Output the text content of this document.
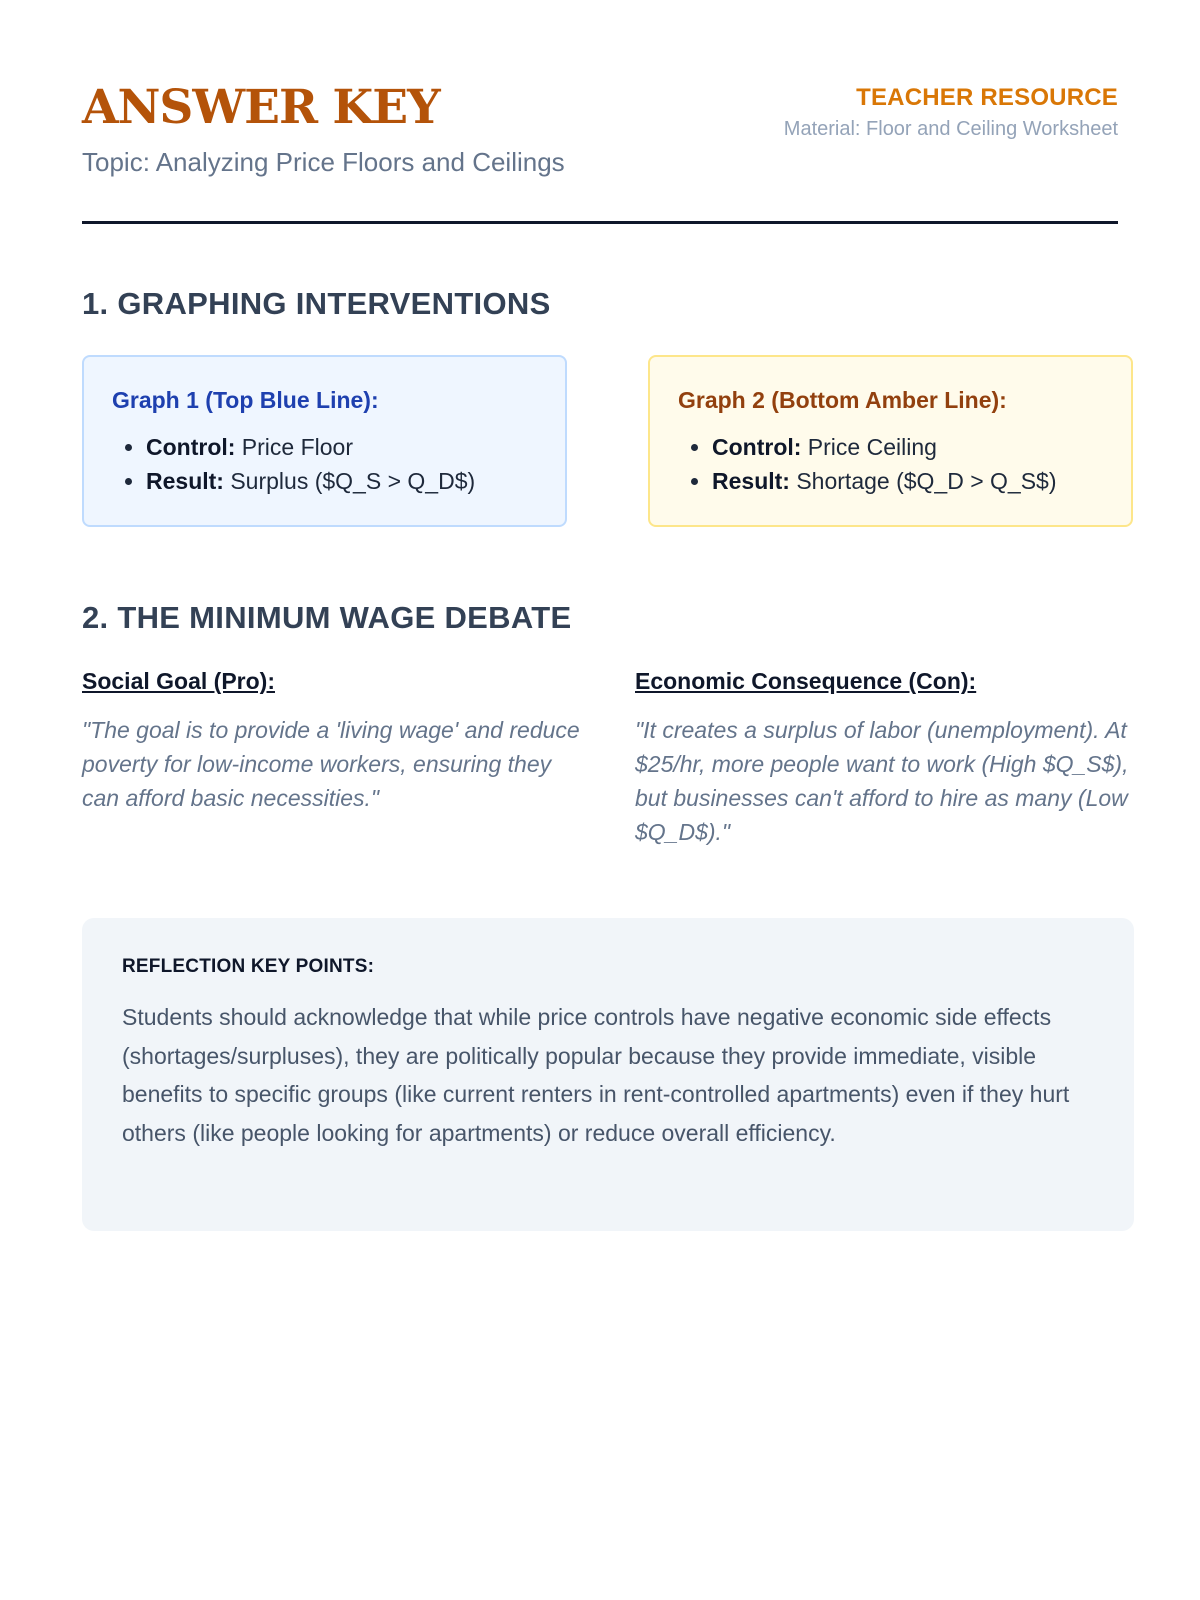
ANSWER KEY
Topic: Analyzing Price Floors and Ceilings
TEACHER RESOURCE
Material: Floor and Ceiling Worksheet
1. GRAPHING INTERVENTIONS
Graph 1 (Top Blue Line):
• Control: Price Floor
• Result: Surplus ($Q_S > Q_D$)
Graph 2 (Bottom Amber Line):
• Control: Price Ceiling
• Result: Shortage ($Q_D > Q_S$)
2. THE MINIMUM WAGE DEBATE
Social Goal (Pro):

"The goal is to provide a 'living wage' and reduce poverty for low-income workers, ensuring they can afford basic necessities."

Economic Consequence (Con):

"It creates a surplus of labor (unemployment). At $25/hr, more people want to work (High $Q_S$), but businesses can't afford to hire as many (Low $Q_D$)."

REFLECTION KEY POINTS:

Students should acknowledge that while price controls have negative economic side effects (shortages/surpluses), they are politically popular because they provide immediate, visible benefits to specific groups (like current renters in rent-controlled apartments) even if they hurt others (like people looking for apartments) or reduce overall efficiency.
